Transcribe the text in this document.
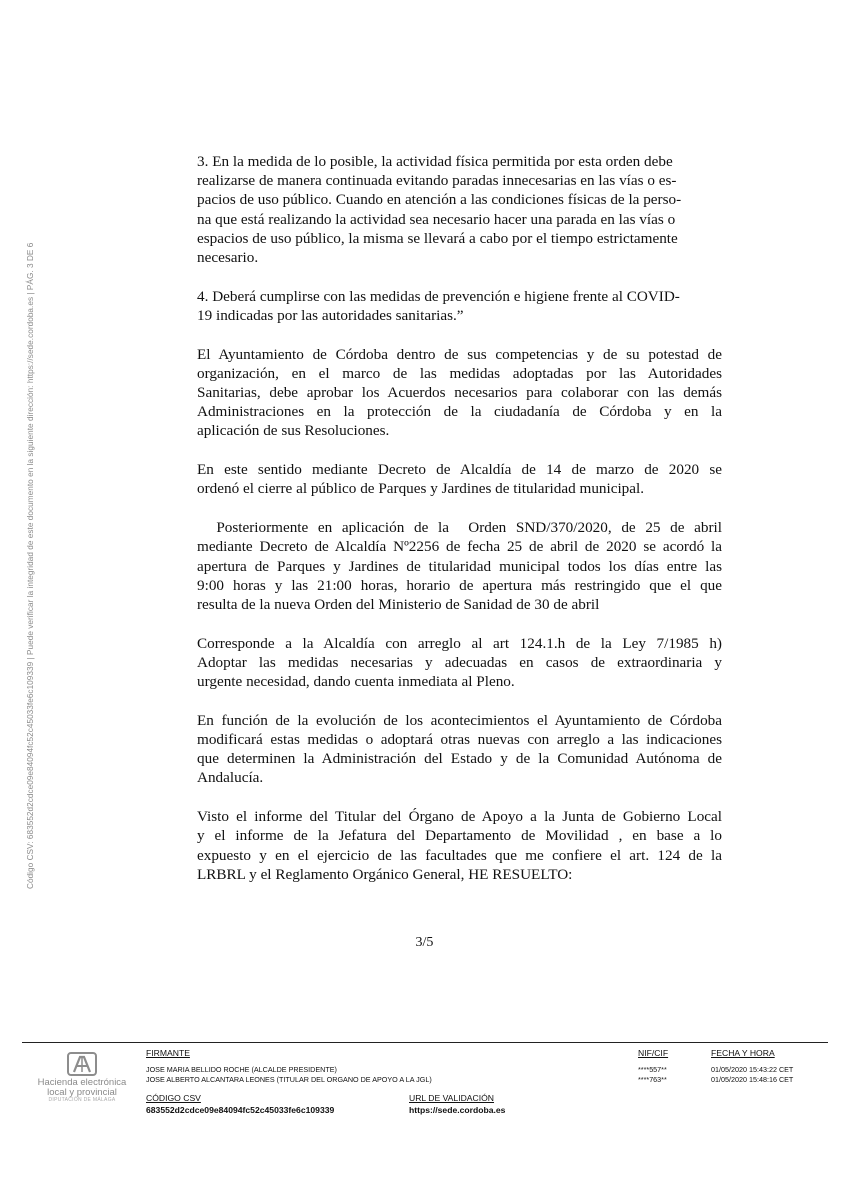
Código CSV: 683552d2cdce09e84094fc52c45033fe6c109339 | Puede verificar la integridad de este documento en la siguiente dirección: https://sede.cordoba.es | PÁG. 3 DE 6

3. En la medida de lo posible, la actividad física permitida por esta orden debe
realizarse de manera continuada evitando paradas innecesarias en las vías o es-
pacios de uso público. Cuando en atención a las condiciones físicas de la perso-
na que está realizando la actividad sea necesario hacer una parada en las vías o
espacios de uso público, la misma se llevará a cabo por el tiempo estrictamente
necesario.

4. Deberá cumplirse con las medidas de prevención e higiene frente al COVID-
19 indicadas por las autoridades sanitarias.”

El Ayuntamiento de Córdoba dentro de sus competencias y de su potestad de
organización, en el marco de las medidas adoptadas por las Autoridades
Sanitarias, debe aprobar los Acuerdos necesarios para colaborar con las demás
Administraciones en la protección de la ciudadanía de Córdoba y en la
aplicación de sus Resoluciones.

En este sentido mediante Decreto de Alcaldía de 14 de marzo de 2020 se
ordenó el cierre al público de Parques y Jardines de titularidad municipal.

Posteriormente en aplicación de la  Orden SND/370/2020, de 25 de abril
mediante Decreto de Alcaldía Nº2256 de fecha 25 de abril de 2020 se acordó la
apertura de Parques y Jardines de titularidad municipal todos los días entre las
9:00 horas y las 21:00 horas, horario de apertura más restringido que el que
resulta de la nueva Orden del Ministerio de Sanidad de 30 de abril

Corresponde a la Alcaldía con arreglo al art 124.1.h de la Ley 7/1985 h)
Adoptar las medidas necesarias y adecuadas en casos de extraordinaria y
urgente necesidad, dando cuenta inmediata al Pleno.

En función de la evolución de los acontecimientos el Ayuntamiento de Córdoba
modificará estas medidas o adoptará otras nuevas con arreglo a las indicaciones
que determinen la Administración del Estado y de la Comunidad Autónoma de
Andalucía.

Visto el informe del Titular del Órgano de Apoyo a la Junta de Gobierno Local
y el informe de la Jefatura del Departamento de Movilidad , en base a lo
expuesto y en el ejercicio de las facultades que me confiere el art. 124 de la
LRBRL y el Reglamento Orgánico General, HE RESUELTO:

3/5
Hacienda electrónica
local y provincial
DIPUTACIÓN DE MÁLAGA
FIRMANTE	NIF/CIF	FECHA Y HORA
JOSE MARIA BELLIDO ROCHE (ALCALDE PRESIDENTE)	****557**	01/05/2020 15:43:22 CET
JOSE ALBERTO ALCANTARA LEONES (TITULAR DEL ORGANO DE APOYO A LA JGL)	****763**	01/05/2020 15:48:16 CET
CÓDIGO CSV
683552d2cdce09e84094fc52c45033fe6c109339
URL DE VALIDACIÓN
https://sede.cordoba.es
